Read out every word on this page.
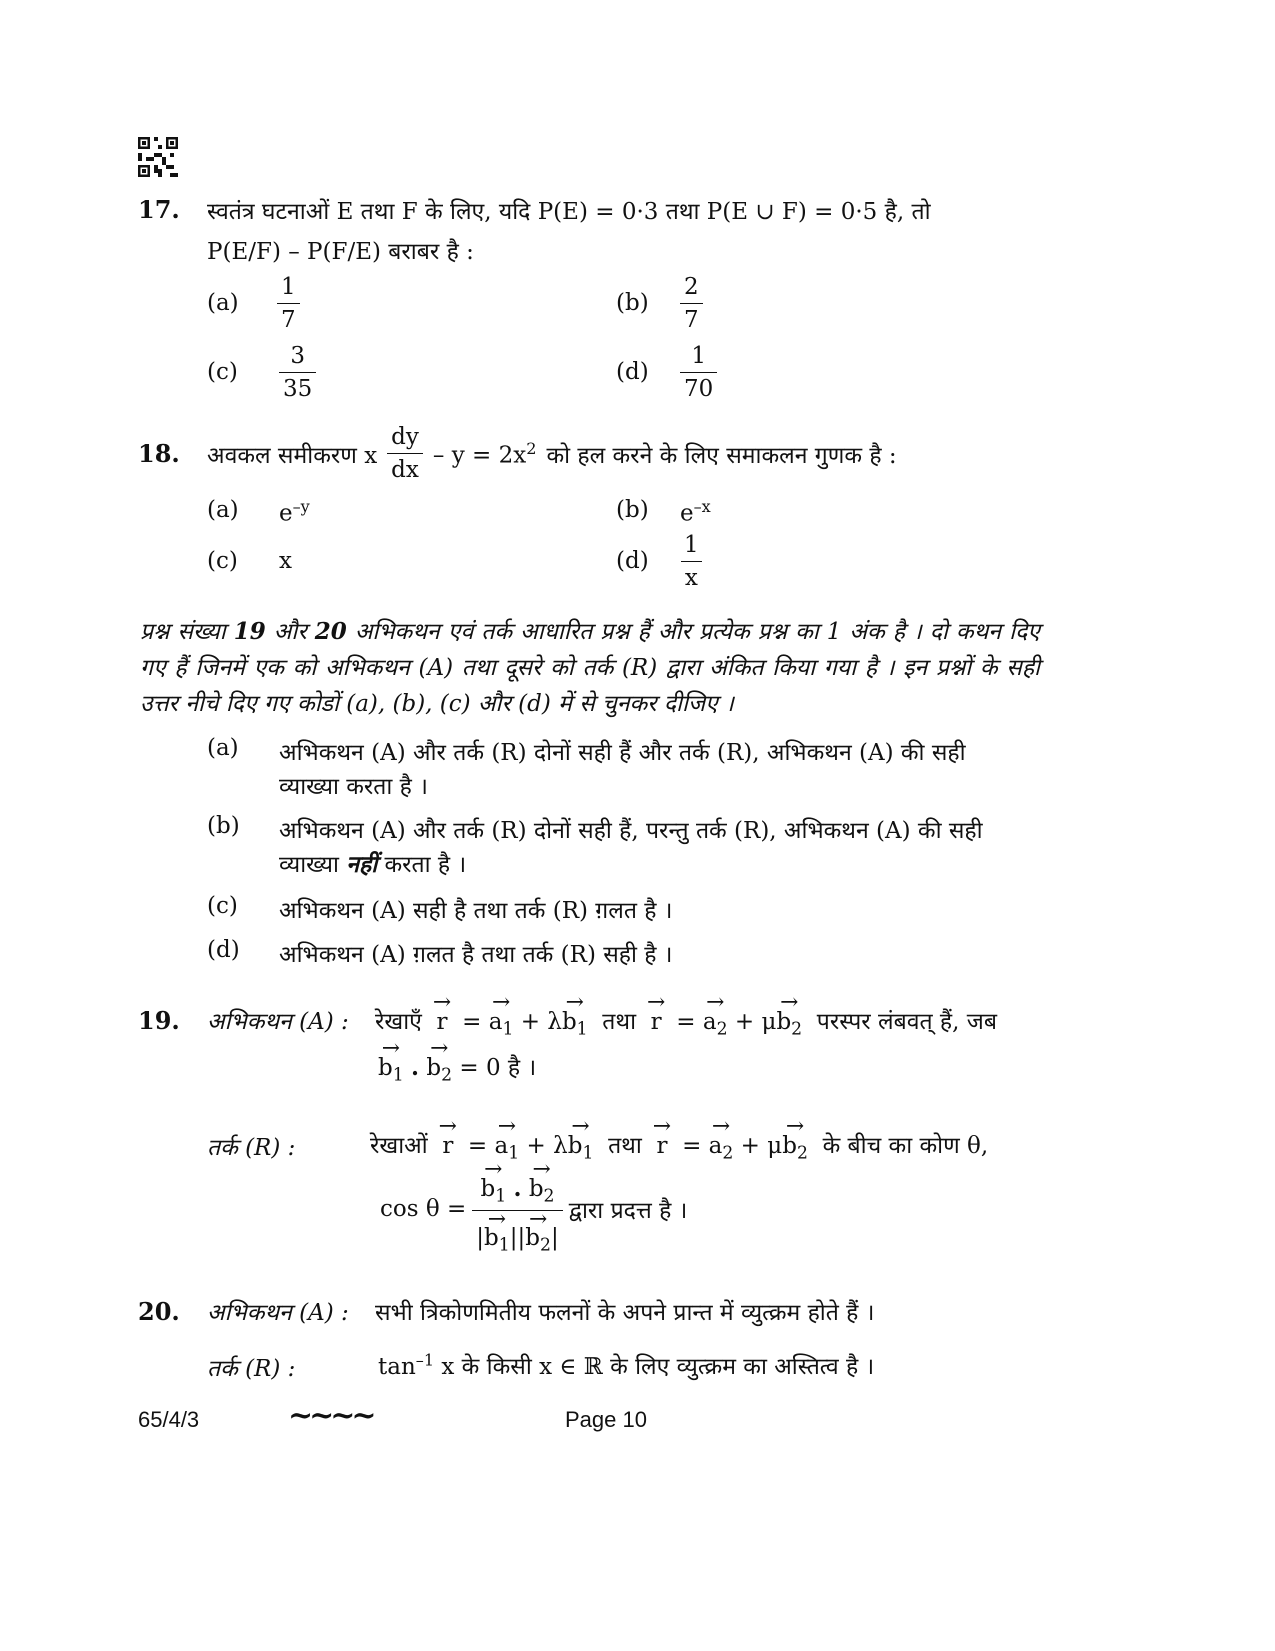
17. स्वतंत्र घटनाओं E तथा F के लिए, यदि P(E) = 0·3 तथा P(E ∪ F) = 0·5 है, तो
P(E/F) – P(F/E) बराबर है :
$(a) \frac{1}{7}$	$(b) \frac{2}{7}$
$(c) \frac{3}{35}$	$(d) \frac{1}{70}$
18. अवकल समीकरण x $\frac{dy}{dx} - y = 2x^2$ को हल करने के लिए समाकलन गुणक है :
(a) $e^{-y}$	(b) $e^{-x}$
(c) x	$(d) \frac{1}{x}$
प्रश्न संख्या 19 और 20 अभिकथन एवं तर्क आधारित प्रश्न हैं और प्रत्येक प्रश्न का 1 अंक है । दो कथन दिए गए हैं जिनमें एक को अभिकथन (A) तथा दूसरे को तर्क (R) द्वारा अंकित किया गया है । इन प्रश्नों के सही उत्तर नीचे दिए गए कोडों (a), (b), (c) और (d) में से चुनकर दीजिए ।
(a) अभिकथन (A) और तर्क (R) दोनों सही हैं और तर्क (R), अभिकथन (A) की सही
व्याख्या करता है ।
(b) अभिकथन (A) और तर्क (R) दोनों सही हैं, परन्तु तर्क (R), अभिकथन (A) की सही
व्याख्या नहीं करता है ।
(c) अभिकथन (A) सही है तथा तर्क (R) ग़लत है ।
(d) अभिकथन (A) ग़लत है तथा तर्क (R) सही है ।
19. अभिकथन (A) : रेखाएँ → r  = → $a_1 + \lambda\to b_1$ तथा → r  = → $a_2 + \mu\to b_2$ परस्पर लंबवत् हैं, जब
→ $b_1$ . → $b_2 = 0$ है ।
तर्क (R) :	रेखाओं → r  = → $a_1 + \lambda\to b_1$ तथा → r  = → $a_2 + \mu\to b_2$ के बीच का कोण θ,
cos θ = → $\frac{b_1 . \to b_2}{|\to b_1||\to b_2|}$ द्वारा प्रदत्त है ।
20. अभिकथन (A) : सभी त्रिकोणमितीय फलनों के अपने प्रान्त में व्युत्क्रम होते हैं ।
तर्क (R) :	$\tan^{-1} x$ के किसी x ∈ ℝ के लिए व्युत्क्रम का अस्तित्व है ।
65/4/3	~~~~	Page 10
